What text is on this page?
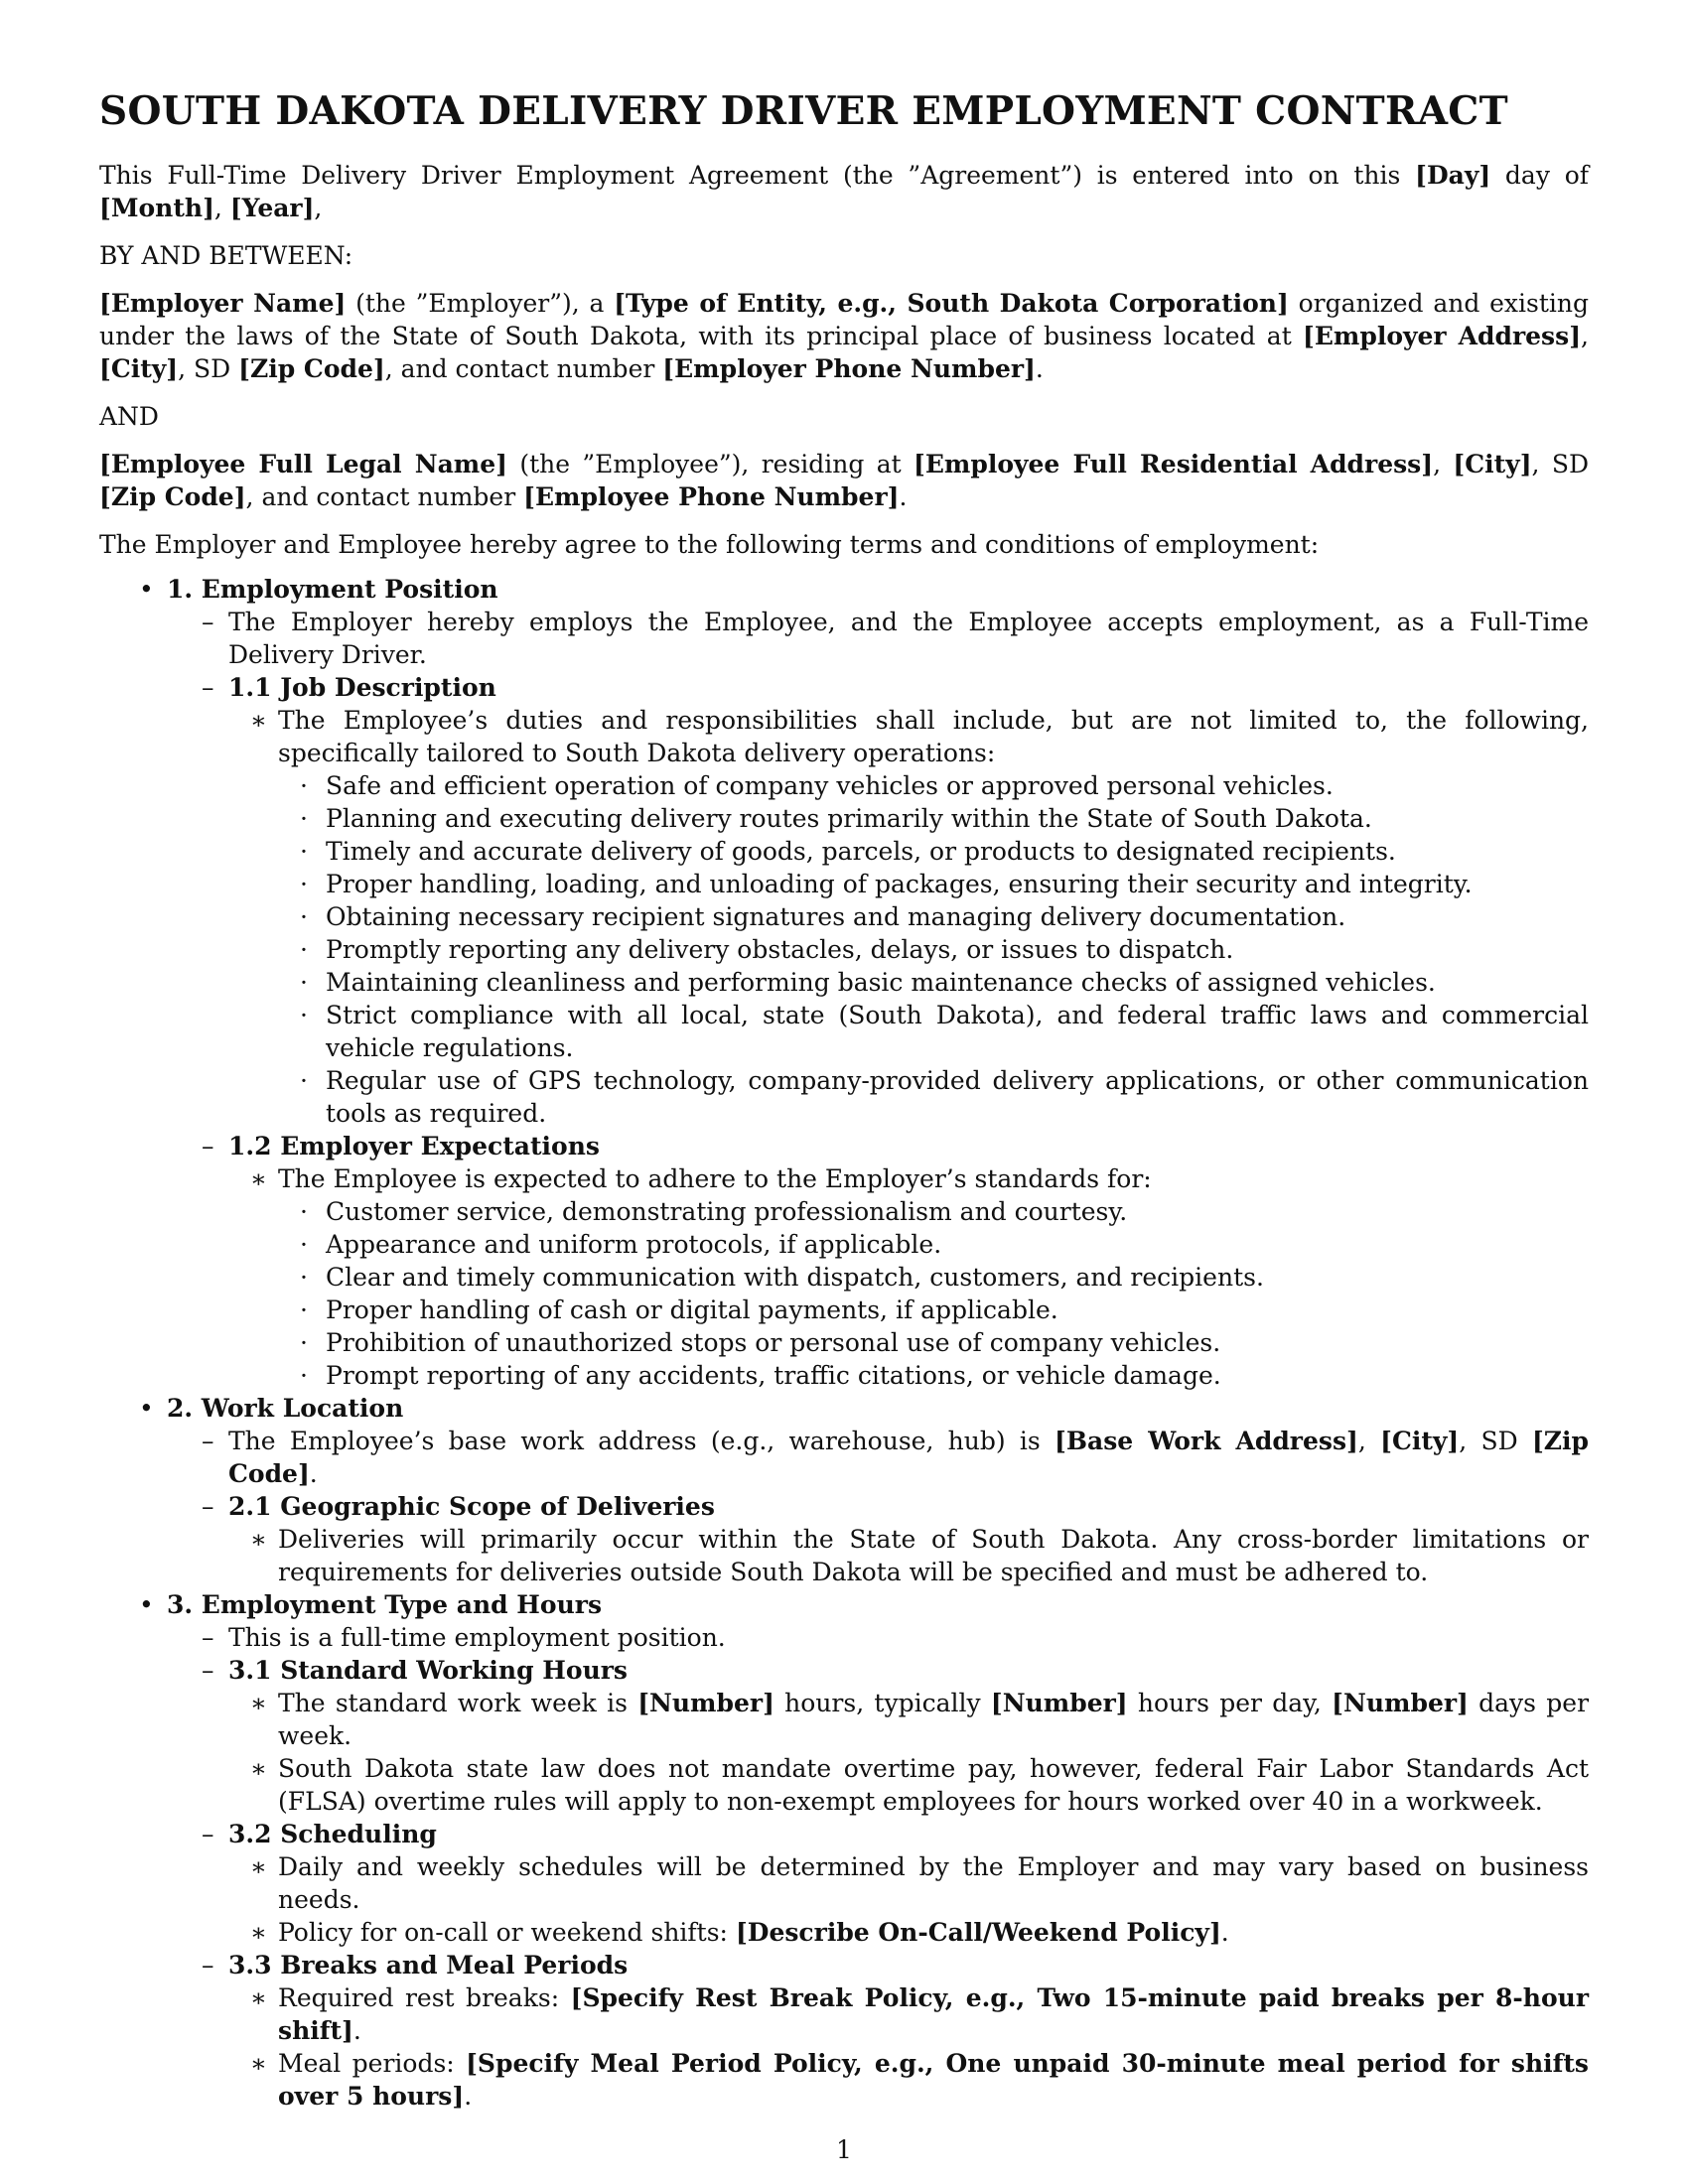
SOUTH DAKOTA DELIVERY DRIVER EMPLOYMENT CONTRACT

This Full-Time Delivery Driver Employment Agreement (the ”Agreement”) is entered into on this [Day] day of [Month], [Year],

BY AND BETWEEN:

[Employer Name] (the ”Employer”), a [Type of Entity, e.g., South Dakota Corporation] organized and existing under the laws of the State of South Dakota, with its principal place of business located at [Employer Address], [City], SD [Zip Code], and contact number [Employer Phone Number].

AND

[Employee Full Legal Name] (the ”Employee”), residing at [Employee Full Residential Address], [City], SD [Zip Code], and contact number [Employee Phone Number].

The Employer and Employee hereby agree to the following terms and conditions of employment:

• 1. Employment Position
– The Employer hereby employs the Employee, and the Employee accepts employment, as a Full-Time Delivery Driver.
– 1.1 Job Description
∗ The Employee’s duties and responsibilities shall include, but are not limited to, the following, specifically tailored to South Dakota delivery operations:
· Safe and efficient operation of company vehicles or approved personal vehicles.
· Planning and executing delivery routes primarily within the State of South Dakota.
· Timely and accurate delivery of goods, parcels, or products to designated recipients.
· Proper handling, loading, and unloading of packages, ensuring their security and integrity.
· Obtaining necessary recipient signatures and managing delivery documentation.
· Promptly reporting any delivery obstacles, delays, or issues to dispatch.
· Maintaining cleanliness and performing basic maintenance checks of assigned vehicles.
· Strict compliance with all local, state (South Dakota), and federal traffic laws and commercial vehicle regulations.
· Regular use of GPS technology, company-provided delivery applications, or other communication tools as required.
– 1.2 Employer Expectations
∗ The Employee is expected to adhere to the Employer’s standards for:
· Customer service, demonstrating professionalism and courtesy.
· Appearance and uniform protocols, if applicable.
· Clear and timely communication with dispatch, customers, and recipients.
· Proper handling of cash or digital payments, if applicable.
· Prohibition of unauthorized stops or personal use of company vehicles.
· Prompt reporting of any accidents, traffic citations, or vehicle damage.
• 2. Work Location
– The Employee’s base work address (e.g., warehouse, hub) is [Base Work Address], [City], SD [Zip Code].
– 2.1 Geographic Scope of Deliveries
∗ Deliveries will primarily occur within the State of South Dakota. Any cross-border limitations or requirements for deliveries outside South Dakota will be specified and must be adhered to.
• 3. Employment Type and Hours
– This is a full-time employment position.
– 3.1 Standard Working Hours
∗ The standard work week is [Number] hours, typically [Number] hours per day, [Number] days per week.
∗ South Dakota state law does not mandate overtime pay, however, federal Fair Labor Standards Act (FLSA) overtime rules will apply to non-exempt employees for hours worked over 40 in a workweek.
– 3.2 Scheduling
∗ Daily and weekly schedules will be determined by the Employer and may vary based on business needs.
∗ Policy for on-call or weekend shifts: [Describe On-Call/Weekend Policy].
– 3.3 Breaks and Meal Periods
∗ Required rest breaks: [Specify Rest Break Policy, e.g., Two 15-minute paid breaks per 8-hour shift].
∗ Meal periods: [Specify Meal Period Policy, e.g., One unpaid 30-minute meal period for shifts over 5 hours].
1
